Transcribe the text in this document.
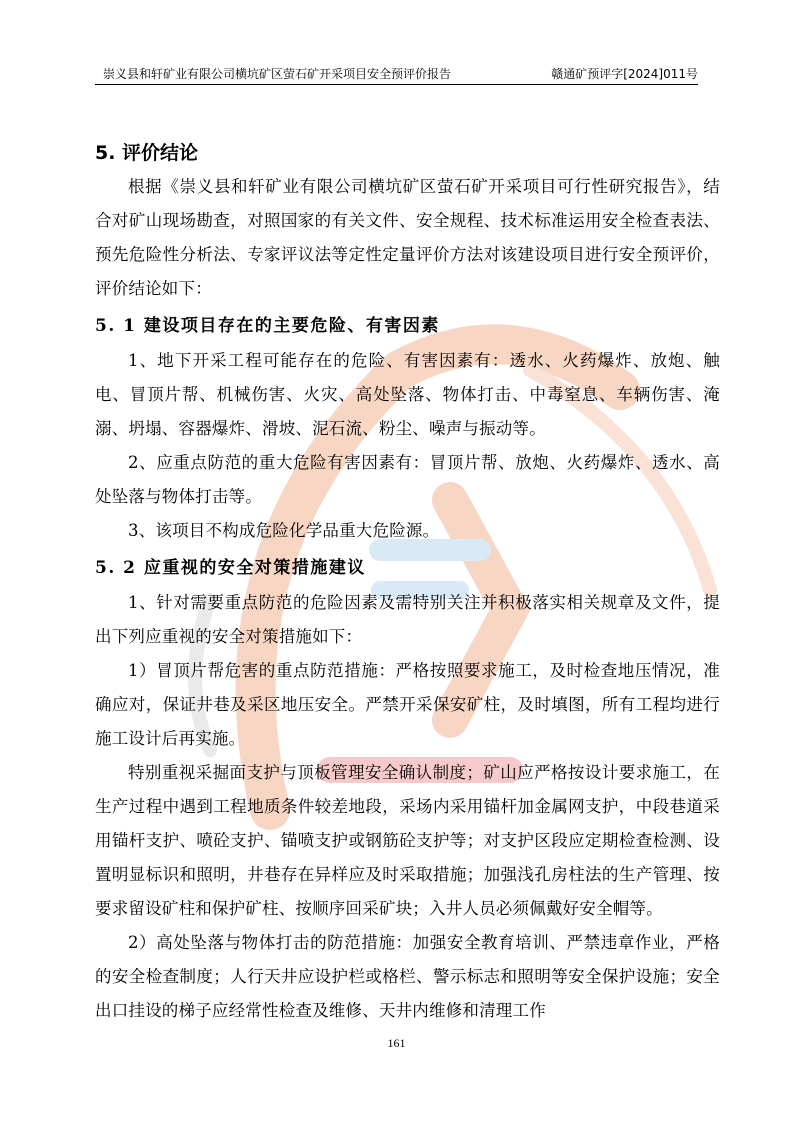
崇义县和轩矿业有限公司横坑矿区萤石矿开采项目安全预评价报告	赣通矿预评字[2024]011号
5. 评价结论

根据《崇义县和轩矿业有限公司横坑矿区萤石矿开采项目可行性研究报告》，结合对矿山现场勘查，对照国家的有关文件、安全规程、技术标准运用安全检查表法、预先危险性分析法、专家评议法等定性定量评价方法对该建设项目进行安全预评价，评价结论如下：

5. 1 建设项目存在的主要危险、有害因素

1、地下开采工程可能存在的危险、有害因素有：透水、火药爆炸、放炮、触电、冒顶片帮、机械伤害、火灾、高处坠落、物体打击、中毒窒息、车辆伤害、淹溺、坍塌、容器爆炸、滑坡、泥石流、粉尘、噪声与振动等。

2、应重点防范的重大危险有害因素有：冒顶片帮、放炮、火药爆炸、透水、高处坠落与物体打击等。

3、该项目不构成危险化学品重大危险源。

5. 2 应重视的安全对策措施建议

1、针对需要重点防范的危险因素及需特别关注并积极落实相关规章及文件，提出下列应重视的安全对策措施如下：

1）冒顶片帮危害的重点防范措施：严格按照要求施工，及时检查地压情况，准确应对，保证井巷及采区地压安全。严禁开采保安矿柱，及时填图，所有工程均进行施工设计后再实施。

特别重视采掘面支护与顶板管理安全确认制度；矿山应严格按设计要求施工，在生产过程中遇到工程地质条件较差地段，采场内采用锚杆加金属网支护，中段巷道采用锚杆支护、喷砼支护、锚喷支护或钢筋砼支护等；对支护区段应定期检查检测、设置明显标识和照明，井巷存在异样应及时采取措施；加强浅孔房柱法的生产管理、按要求留设矿柱和保护矿柱、按顺序回采矿块；入井人员必须佩戴好安全帽等。

2）高处坠落与物体打击的防范措施：加强安全教育培训、严禁违章作业，严格的安全检查制度；人行天井应设护栏或格栏、警示标志和照明等安全保护设施；安全出口挂设的梯子应经常性检查及维修、天井内维修和清理工作

161
